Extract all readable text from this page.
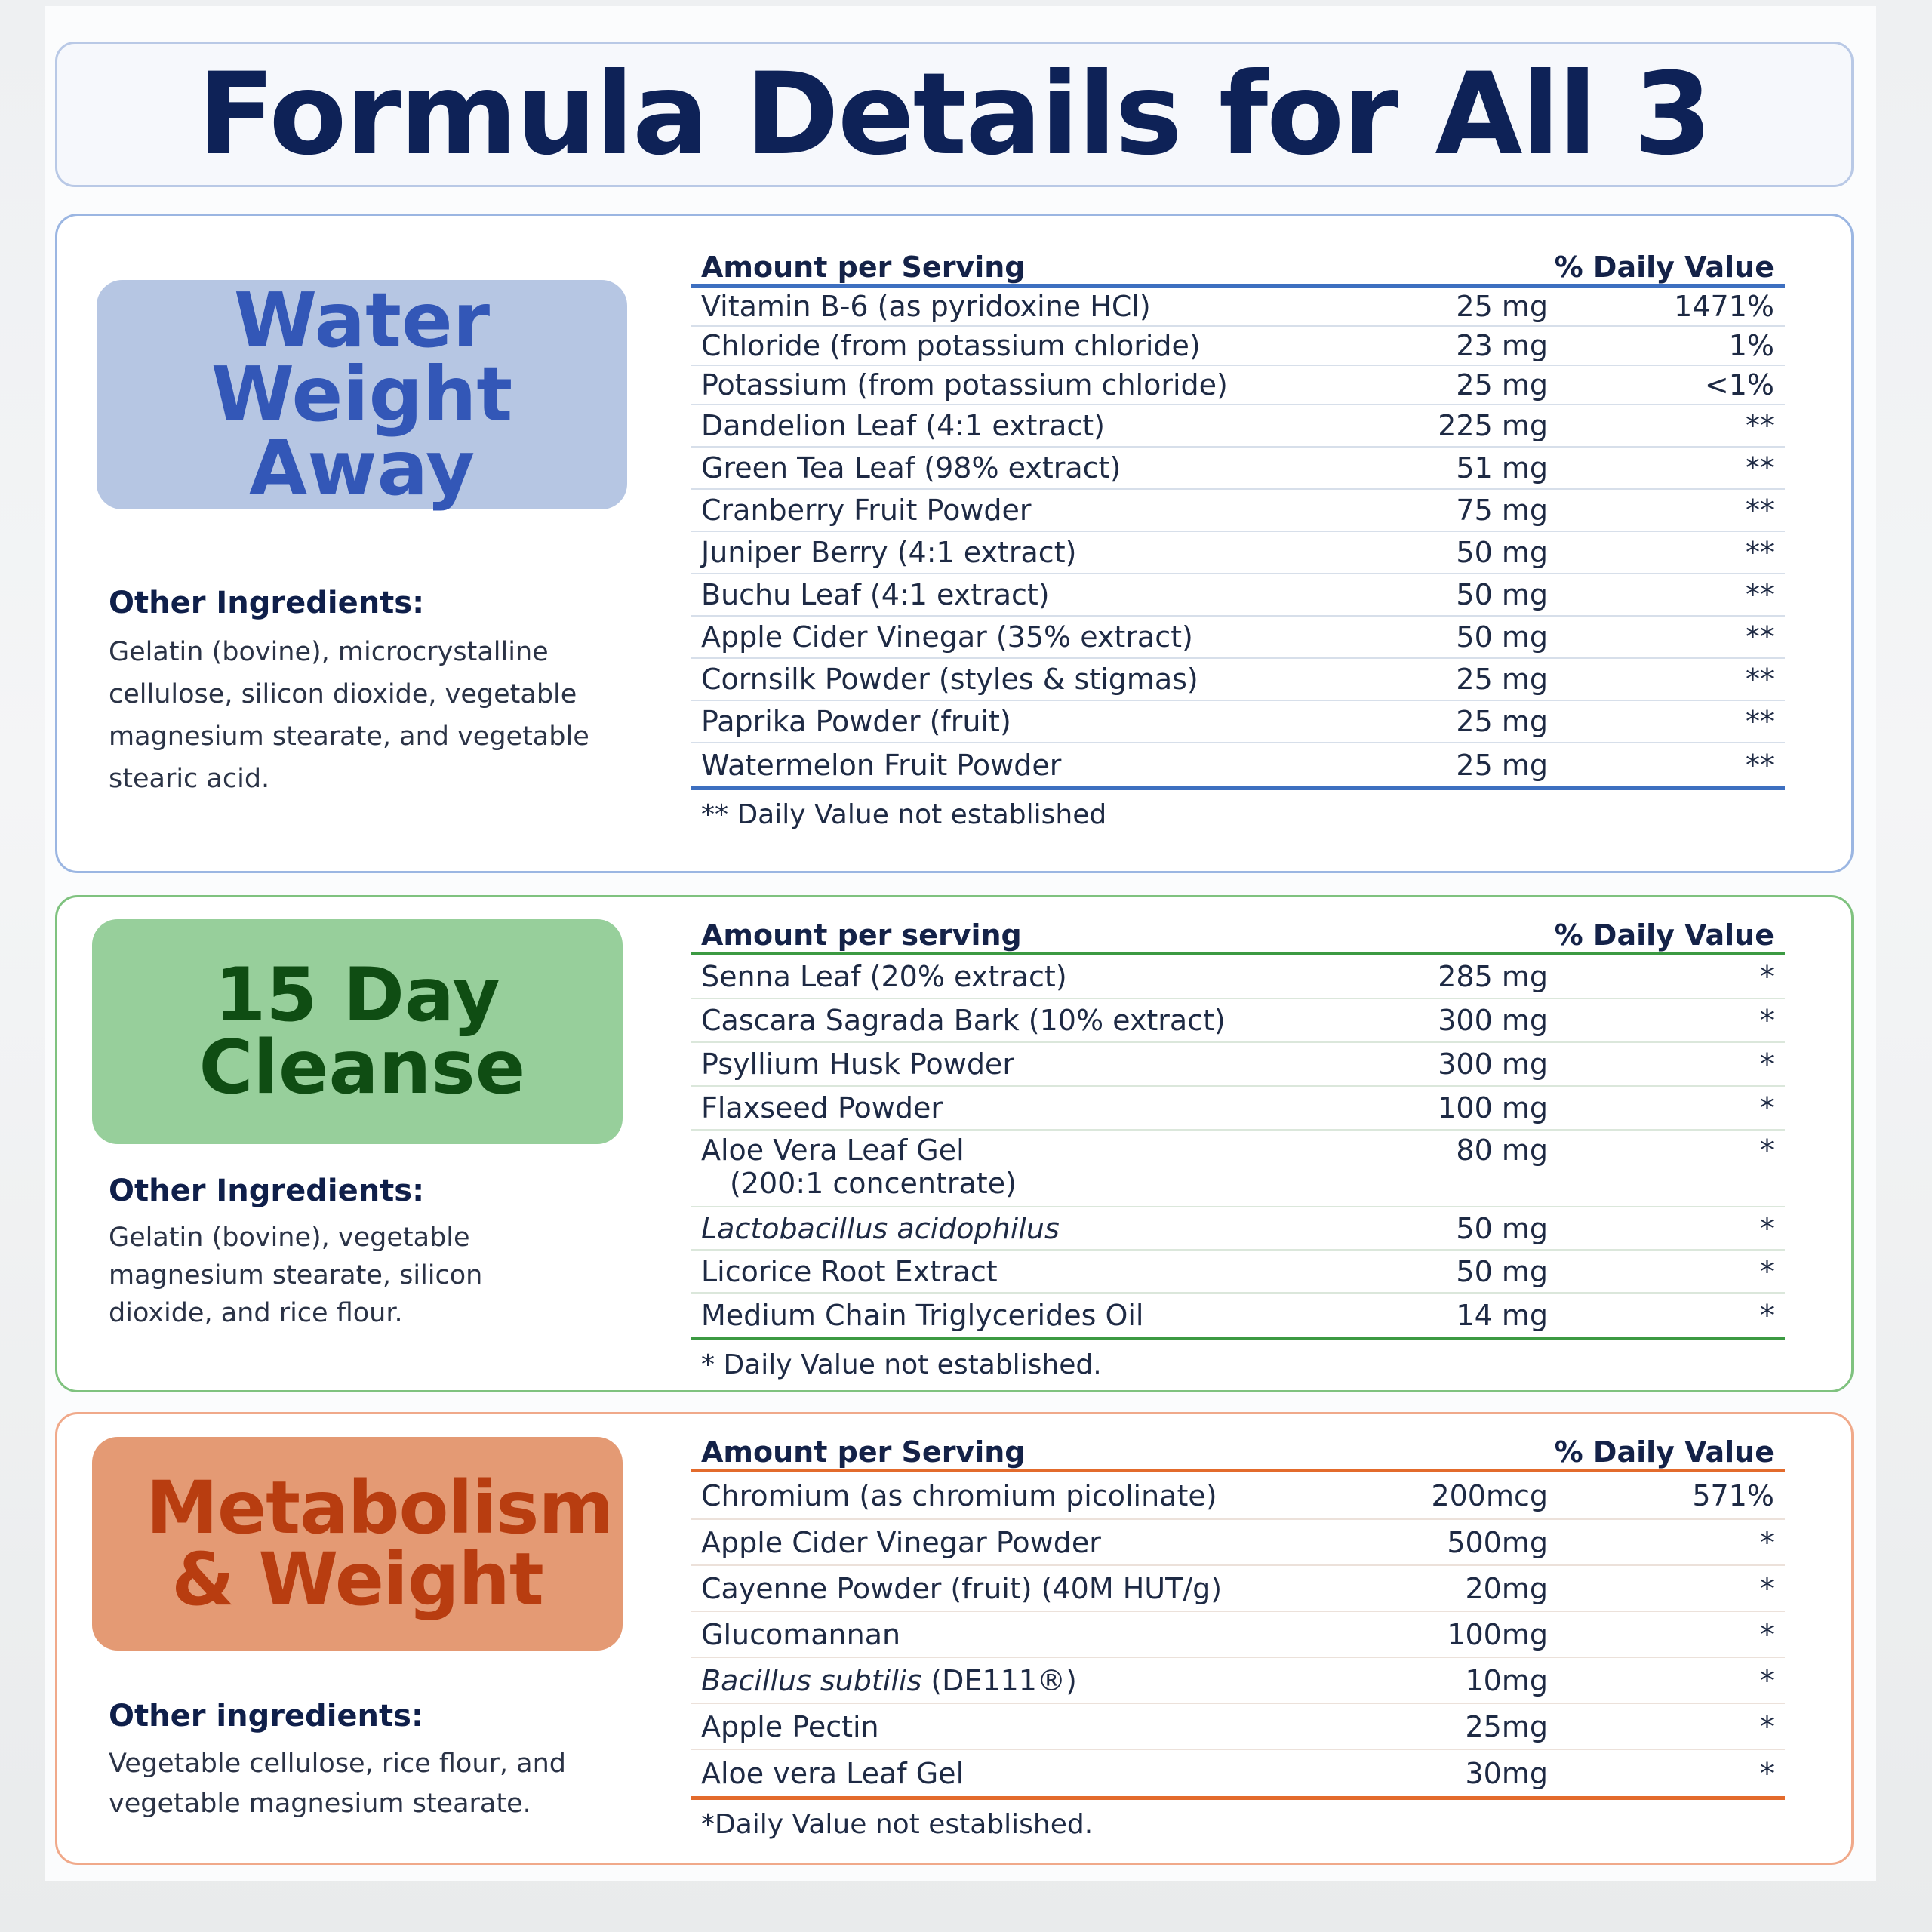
Formula Details for All 3
Water Weight Away
Other Ingredients:
Gelatin (bovine), microcrystalline cellulose, silicon dioxide, vegetable magnesium stearate, and vegetable stearic acid.
Amount per Serving	% Daily Value
Vitamin B-6 (as pyridoxine HCl)	25 mg	1471%
Chloride (from potassium chloride)	23 mg	1%
Potassium (from potassium chloride)	25 mg	<1%
Dandelion Leaf (4:1 extract)	225 mg	**
Green Tea Leaf (98% extract)	51 mg	**
Cranberry Fruit Powder	75 mg	**
Juniper Berry (4:1 extract)	50 mg	**
Buchu Leaf (4:1 extract)	50 mg	**
Apple Cider Vinegar (35% extract)	50 mg	**
Cornsilk Powder (styles & stigmas)	25 mg	**
Paprika Powder (fruit)	25 mg	**
Watermelon Fruit Powder	25 mg	**
** Daily Value not established
15 Day Cleanse
Other Ingredients:
Gelatin (bovine), vegetable magnesium stearate, silicon dioxide, and rice flour.
Amount per serving	% Daily Value
Senna Leaf (20% extract)	285 mg	*
Cascara Sagrada Bark (10% extract)	300 mg	*
Psyllium Husk Powder	300 mg	*
Flaxseed Powder	100 mg	*
Aloe Vera Leaf Gel
(200:1 concentrate)
80 mg	*
Lactobacillus acidophilus	50 mg	*
Licorice Root Extract	50 mg	*
Medium Chain Triglycerides Oil	14 mg	*
* Daily Value not established.
Metabolism & Weight
Other ingredients:
Vegetable cellulose, rice flour, and vegetable magnesium stearate.
Amount per Serving	% Daily Value
Chromium (as chromium picolinate)	200mcg	571%
Apple Cider Vinegar Powder	500mg	*
Cayenne Powder (fruit) (40M HUT/g)	20mg	*
Glucomannan	100mg	*
Bacillus subtilis (DE111®)	10mg	*
Apple Pectin	25mg	*
Aloe vera Leaf Gel	30mg	*
*Daily Value not established.
